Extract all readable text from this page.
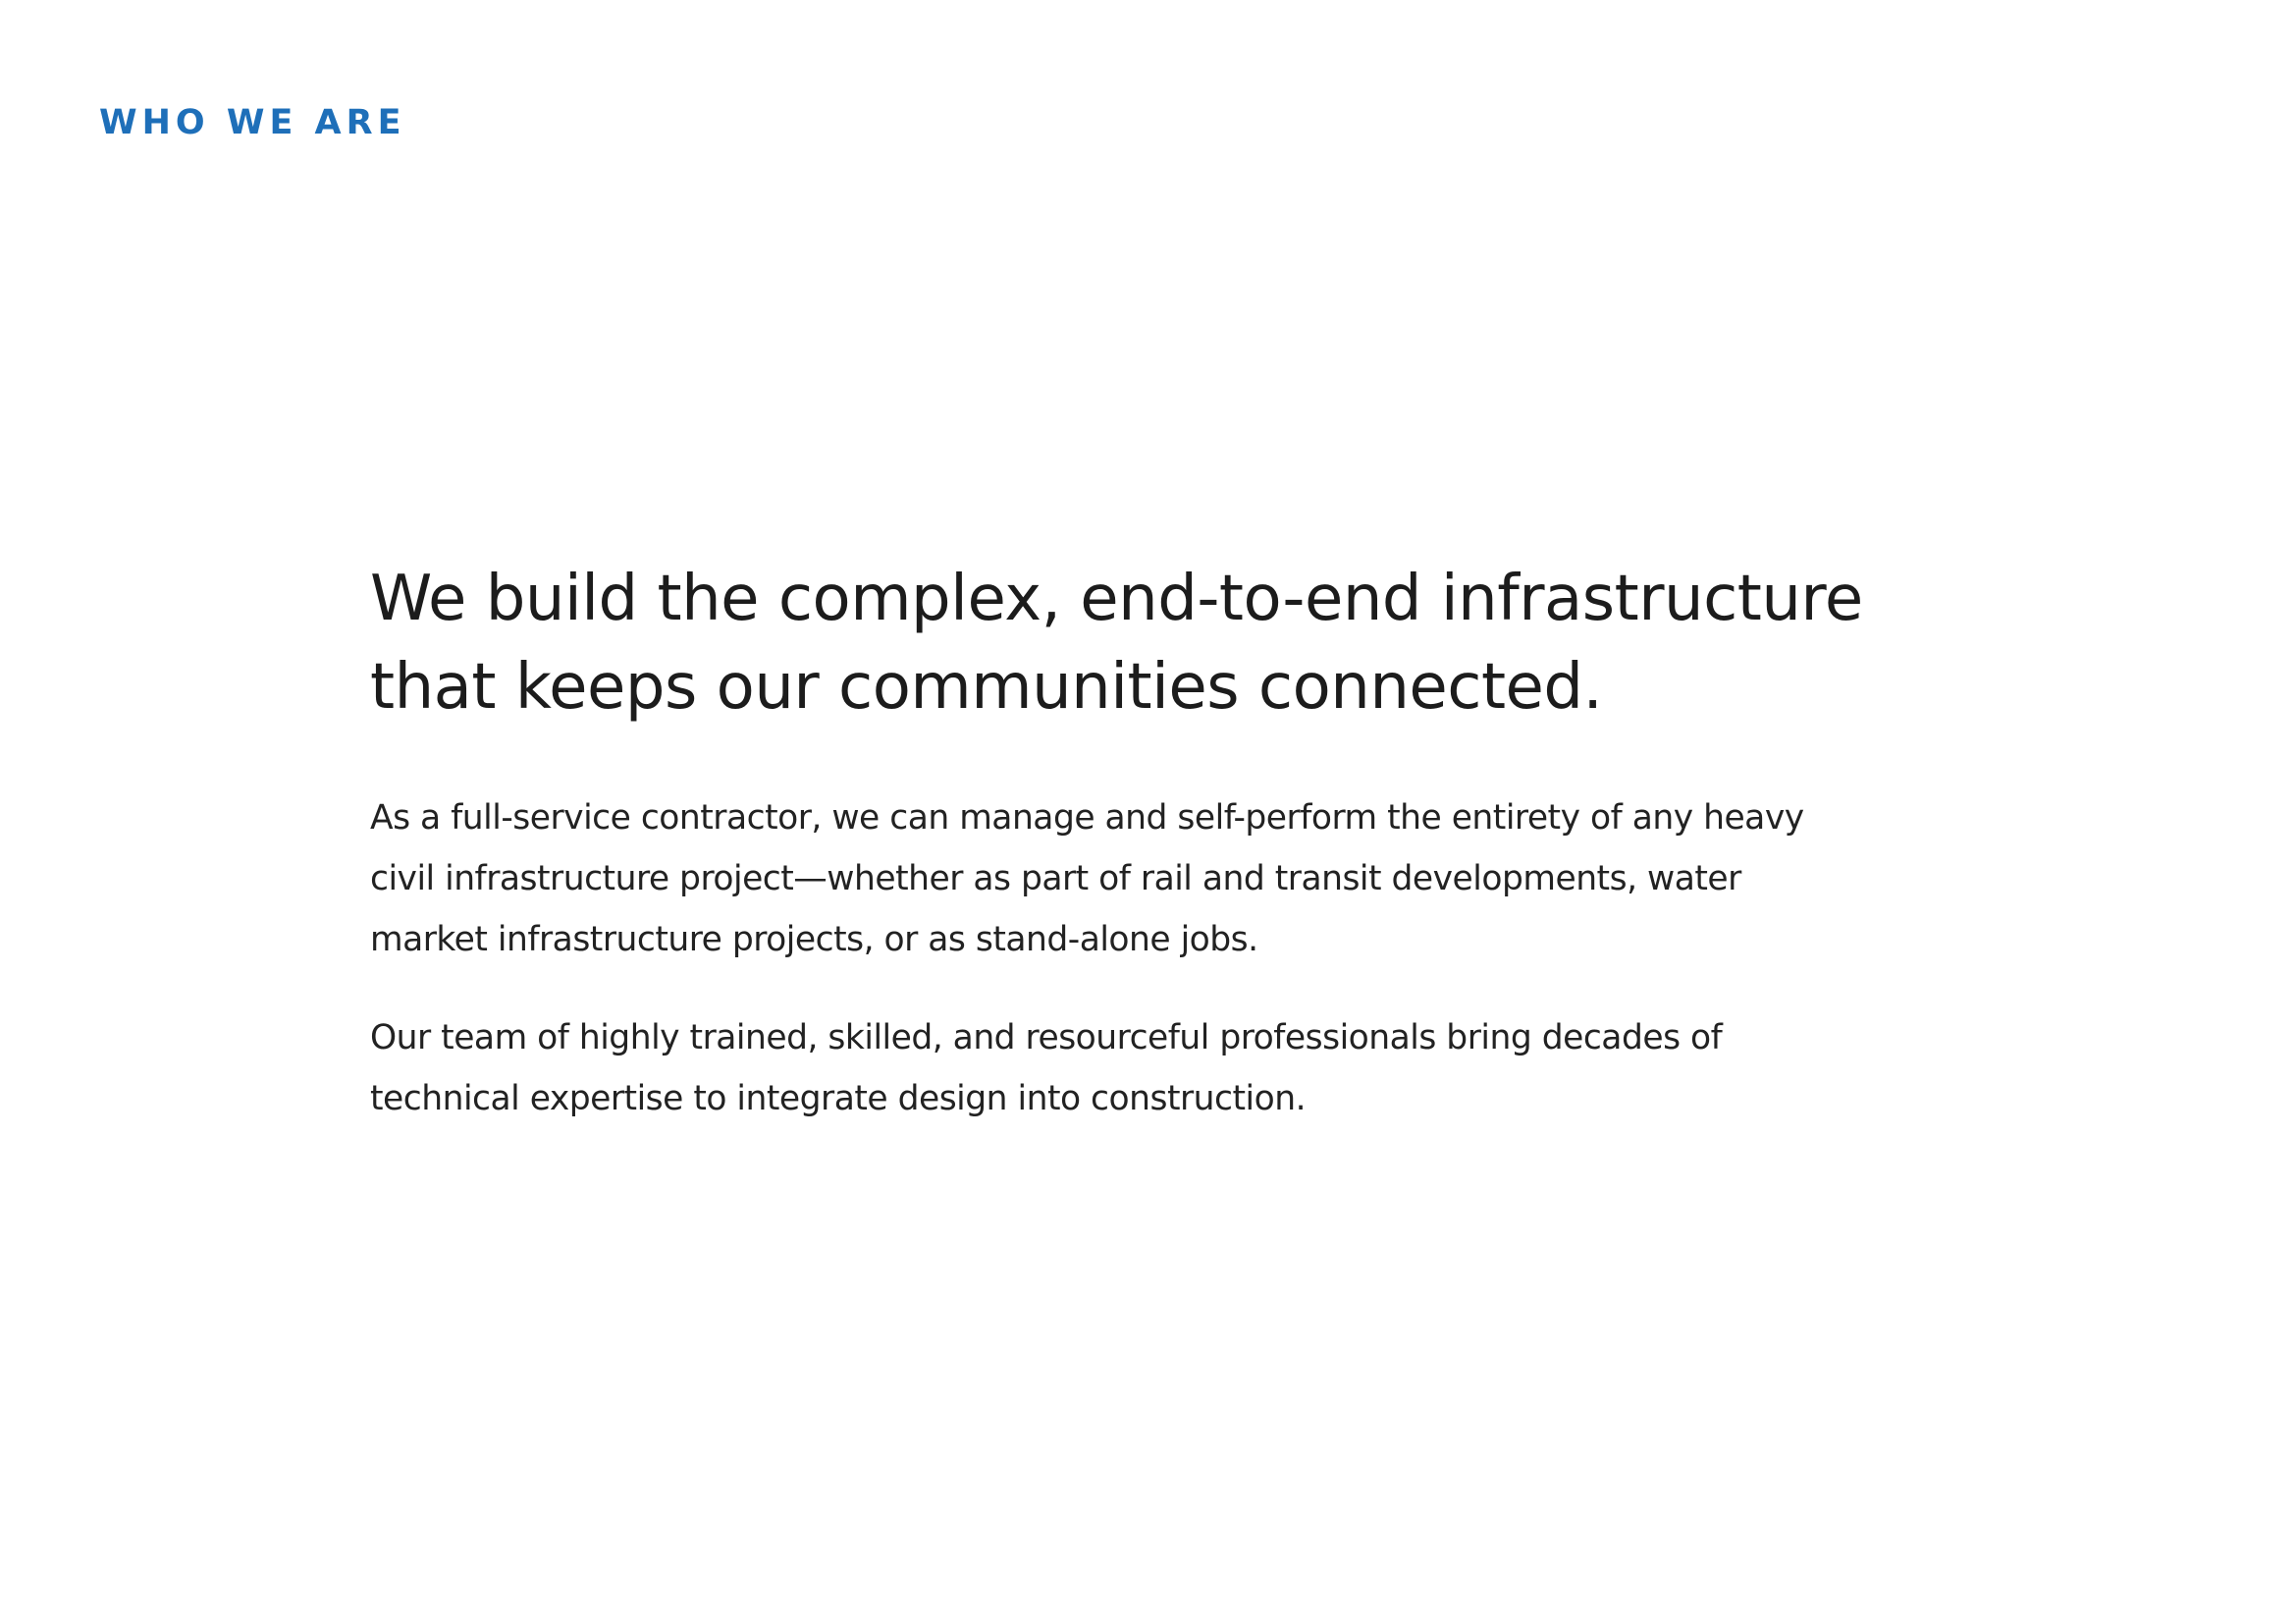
WHO WE ARE
We build the complex, end-to-end infrastructure
that keeps our communities connected.

As a full-service contractor, we can manage and self-perform the entirety of any heavy
civil infrastructure project—whether as part of rail and transit developments, water
market infrastructure projects, or as stand-alone jobs.

Our team of highly trained, skilled, and resourceful professionals bring decades of
technical expertise to integrate design into construction.
